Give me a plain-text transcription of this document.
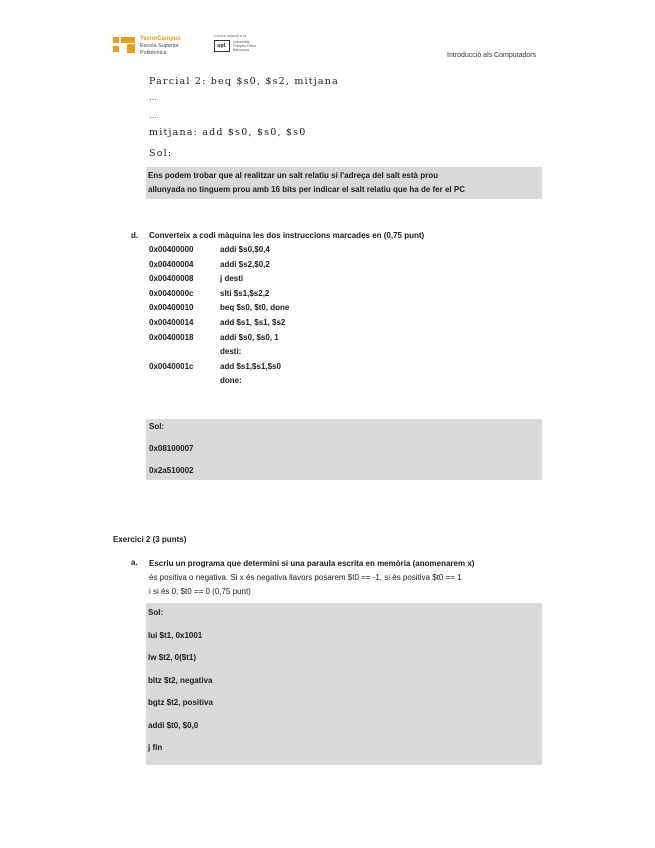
TecnoCampus
Escola Superior
Politècnica
Centre adscrit a la
upf.
Universitat
Pompeu Fabra
Barcelona
Introducció als Computadors
Parcial 2: beq $s0, $s2, mitjana
…
…
mitjana: add $s0, $s0, $s0
Sol:
Ens podem trobar que al realitzar un salt relatiu si l'adreça del salt està prou
allunyada no tinguem prou amb 16 bits per indicar el salt relatiu que ha de fer el PC
d. Converteix a codi màquina les dos instruccions marcades en (0,75 punt)
0x00400000	addi $s0,$0,4
0x00400004	addi $s2,$0,2
0x00400008	j desti
0x0040000c	slti $s1,$s2,2
0x00400010	beq $s0, $t0, done
0x00400014	add $s1, $s1, $s2
0x00400018	addi $s0, $s0, 1
desti:
0x0040001c	add $s1,$s1,$s0
done:
Sol:
0x08100007
0x2a510002
Exercici 2 (3 punts)
a. Escriu un programa que determini si una paraula escrita en memòria (anomenarem x)
és positiva o negativa. Si x és negativa llavors posarem $t0 == -1, si és positiva $t0 == 1
i si és 0, $t0 == 0 (0,75 punt)
Sol:
lui $t1, 0x1001
lw $t2, 0($t1)
bltz $t2, negativa
bgtz $t2, positiva
addi $t0, $0,0
j fin
